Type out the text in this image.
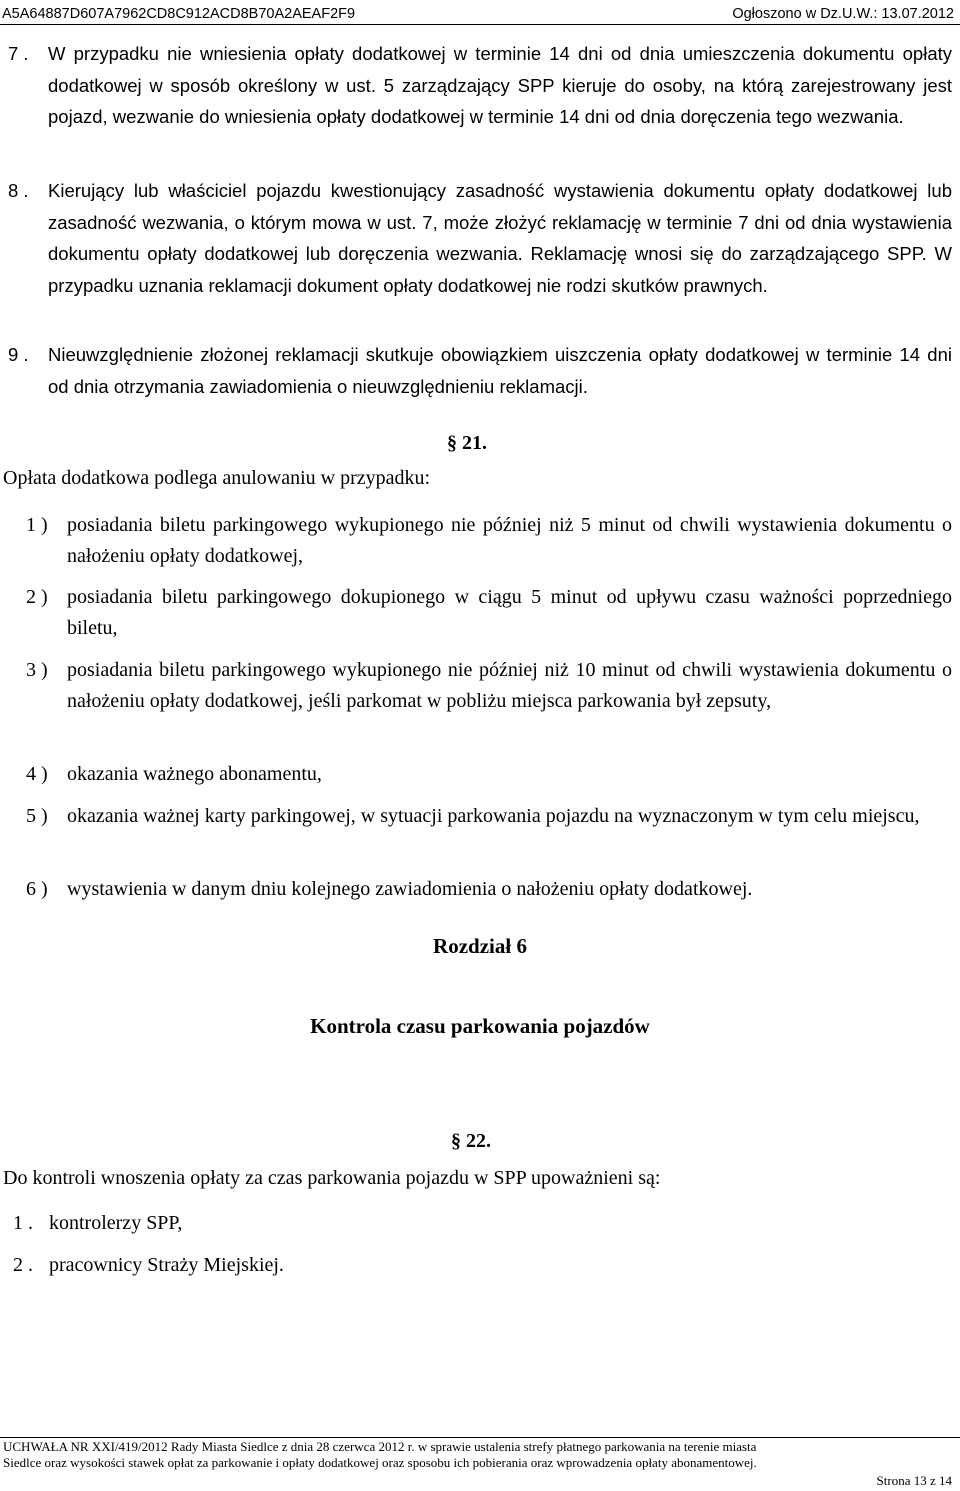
A5A64887D607A7962CD8C912ACD8B70A2AEAF2F9	Ogłoszono w Dz.U.W.: 13.07.2012
7 . W przypadku nie wniesienia opłaty dodatkowej w terminie 14 dni od dnia umieszczenia dokumentu opłaty dodatkowej w sposób określony w ust. 5 zarządzający SPP kieruje do osoby, na którą zarejestrowany jest pojazd, wezwanie do wniesienia opłaty dodatkowej w terminie 14 dni od dnia doręczenia tego wezwania.
8 . Kierujący lub właściciel pojazdu kwestionujący zasadność wystawienia dokumentu opłaty dodatkowej lub zasadność wezwania, o którym mowa w ust. 7, może złożyć reklamację w terminie 7 dni od dnia wystawienia dokumentu opłaty dodatkowej lub doręczenia wezwania. Reklamację wnosi się do zarządzającego SPP. W przypadku uznania reklamacji dokument opłaty dodatkowej nie rodzi skutków prawnych.
9 . Nieuwzględnienie złożonej reklamacji skutkuje obowiązkiem uiszczenia opłaty dodatkowej w terminie 14 dni od dnia otrzymania zawiadomienia o nieuwzględnieniu reklamacji.
§ 21.
Opłata dodatkowa podlega anulowaniu w przypadku:
1 ) posiadania biletu parkingowego wykupionego nie później niż 5 minut od chwili wystawienia dokumentu o nałożeniu opłaty dodatkowej,
2 ) posiadania biletu parkingowego dokupionego w ciągu 5 minut od upływu czasu ważności poprzedniego biletu,
3 ) posiadania biletu parkingowego wykupionego nie później niż 10 minut od chwili wystawienia dokumentu o nałożeniu opłaty dodatkowej, jeśli parkomat w pobliżu miejsca parkowania był zepsuty,
4 ) okazania ważnego abonamentu,
5 ) okazania ważnej karty parkingowej, w sytuacji parkowania pojazdu na wyznaczonym w tym celu miejscu,
6 ) wystawienia w danym dniu kolejnego zawiadomienia o nałożeniu opłaty dodatkowej.
Rozdział 6
Kontrola czasu parkowania pojazdów
§ 22.
Do kontroli wnoszenia opłaty za czas parkowania pojazdu w SPP upoważnieni są:
1 . kontrolerzy SPP,
2 . pracownicy Straży Miejskiej.
UCHWAŁA NR XXI/419/2012 Rady Miasta Siedlce z dnia 28 czerwca 2012 r. w sprawie ustalenia strefy płatnego parkowania na terenie miasta
Siedlce oraz wysokości stawek opłat za parkowanie i opłaty dodatkowej oraz sposobu ich pobierania oraz wprowadzenia opłaty abonamentowej.
Strona 13 z 14
